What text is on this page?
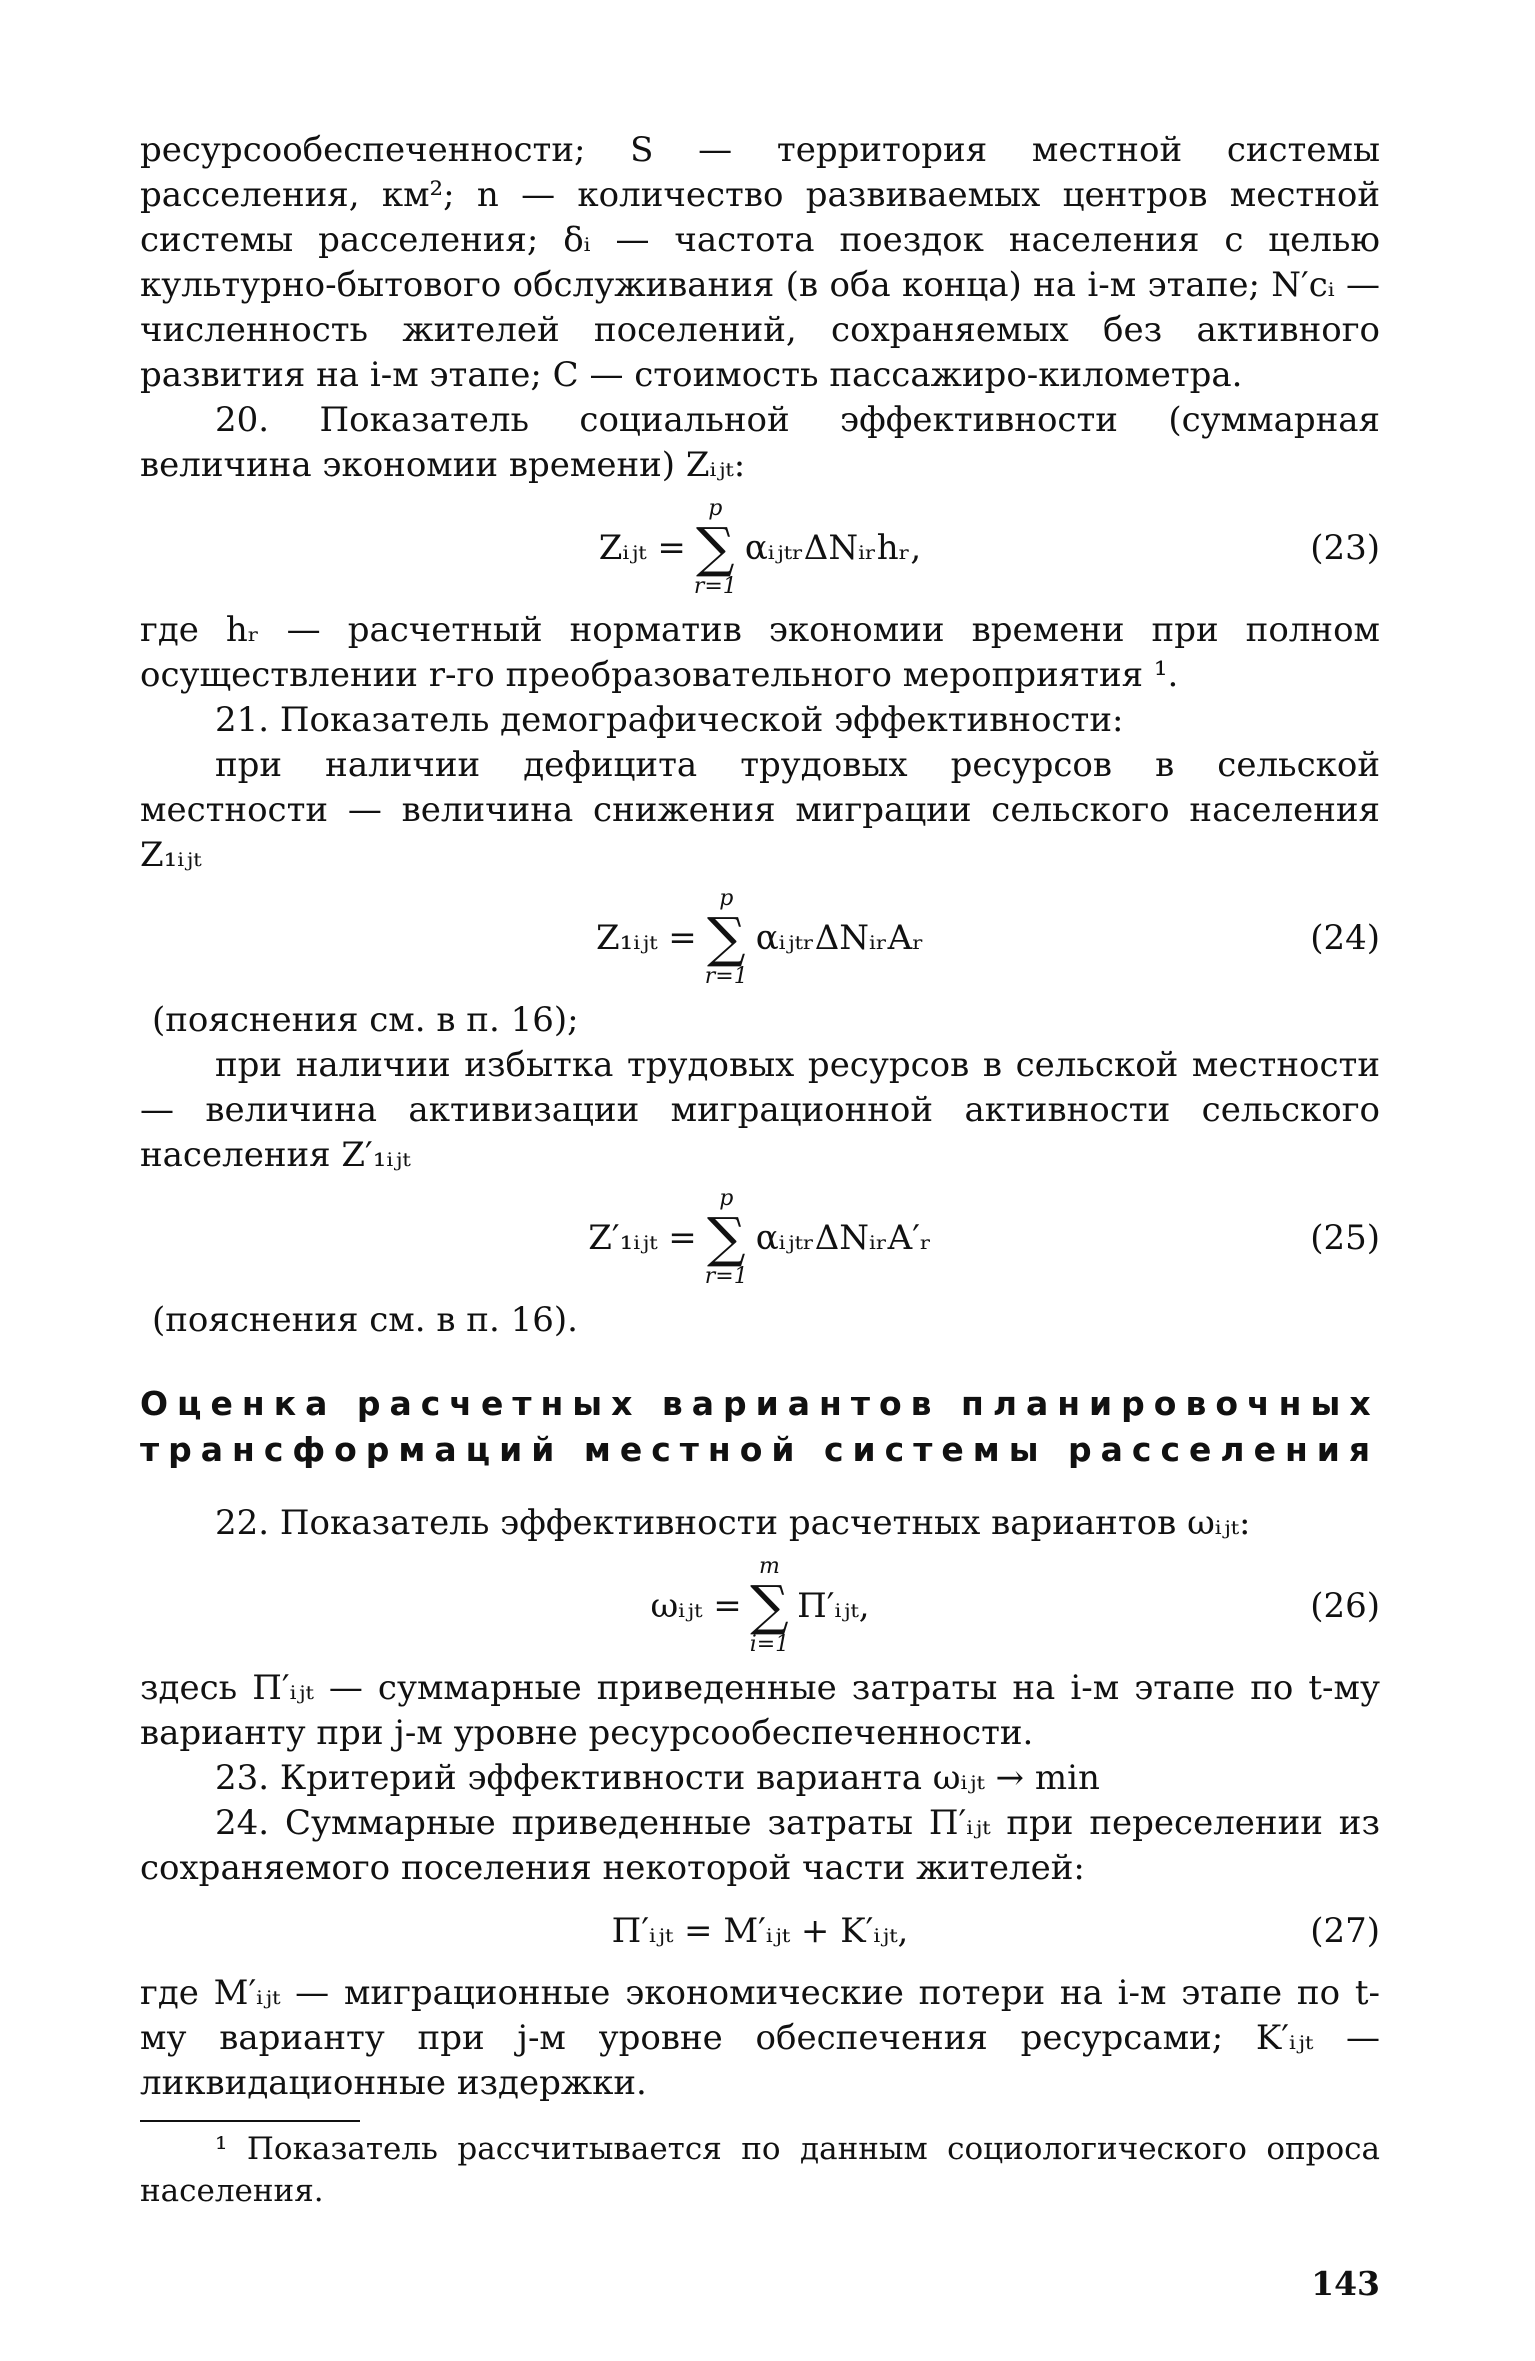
ресурсообеспеченности; S — территория местной системы расселения, км²; n — количество развиваемых центров местной системы расселения; δᵢ — частота поездок населения с целью культурно-бытового обслуживания (в оба конца) на i-м этапе; N′cᵢ — численность жителей поселений, сохраняемых без активного развития на i-м этапе; C — стоимость пассажиро-километра.

20. Показатель социальной эффективности (суммарная величина экономии времени) Zᵢⱼₜ:

Zᵢⱼₜ =
p
∑
r=1
αᵢⱼₜᵣΔNᵢᵣhᵣ,	(23)

где hᵣ — расчетный норматив экономии времени при полном осуществлении r-го преобразовательного мероприятия ¹.

21. Показатель демографической эффективности:

при наличии дефицита трудовых ресурсов в сельской местности — величина снижения миграции сельского населения Z₁ᵢⱼₜ

Z₁ᵢⱼₜ =
p
∑
r=1
αᵢⱼₜᵣΔNᵢᵣAᵣ	(24)

(пояснения см. в п. 16);

при наличии избытка трудовых ресурсов в сельской местности — величина активизации миграционной активности сельского населения Z′₁ᵢⱼₜ

Z′₁ᵢⱼₜ =
p
∑
r=1
αᵢⱼₜᵣΔNᵢᵣA′ᵣ	(25)

(пояснения см. в п. 16).

Оценка расчетных вариантов планировочных трансформаций местной системы расселения

22. Показатель эффективности расчетных вариантов ωᵢⱼₜ:

ωᵢⱼₜ =
m
∑
i=1
П′ᵢⱼₜ,	(26)

здесь П′ᵢⱼₜ — суммарные приведенные затраты на i-м этапе по t-му варианту при j-м уровне ресурсообеспеченности.

23. Критерий эффективности варианта ωᵢⱼₜ → min

24. Суммарные приведенные затраты П′ᵢⱼₜ при переселении из сохраняемого поселения некоторой части жителей:

П′ᵢⱼₜ = M′ᵢⱼₜ + K′ᵢⱼₜ,	(27)

где M′ᵢⱼₜ — миграционные экономические потери на i-м этапе по t-му варианту при j-м уровне обеспечения ресурсами; K′ᵢⱼₜ — ликвидационные издержки.

¹ Показатель рассчитывается по данным социологического опроса населения.

143
